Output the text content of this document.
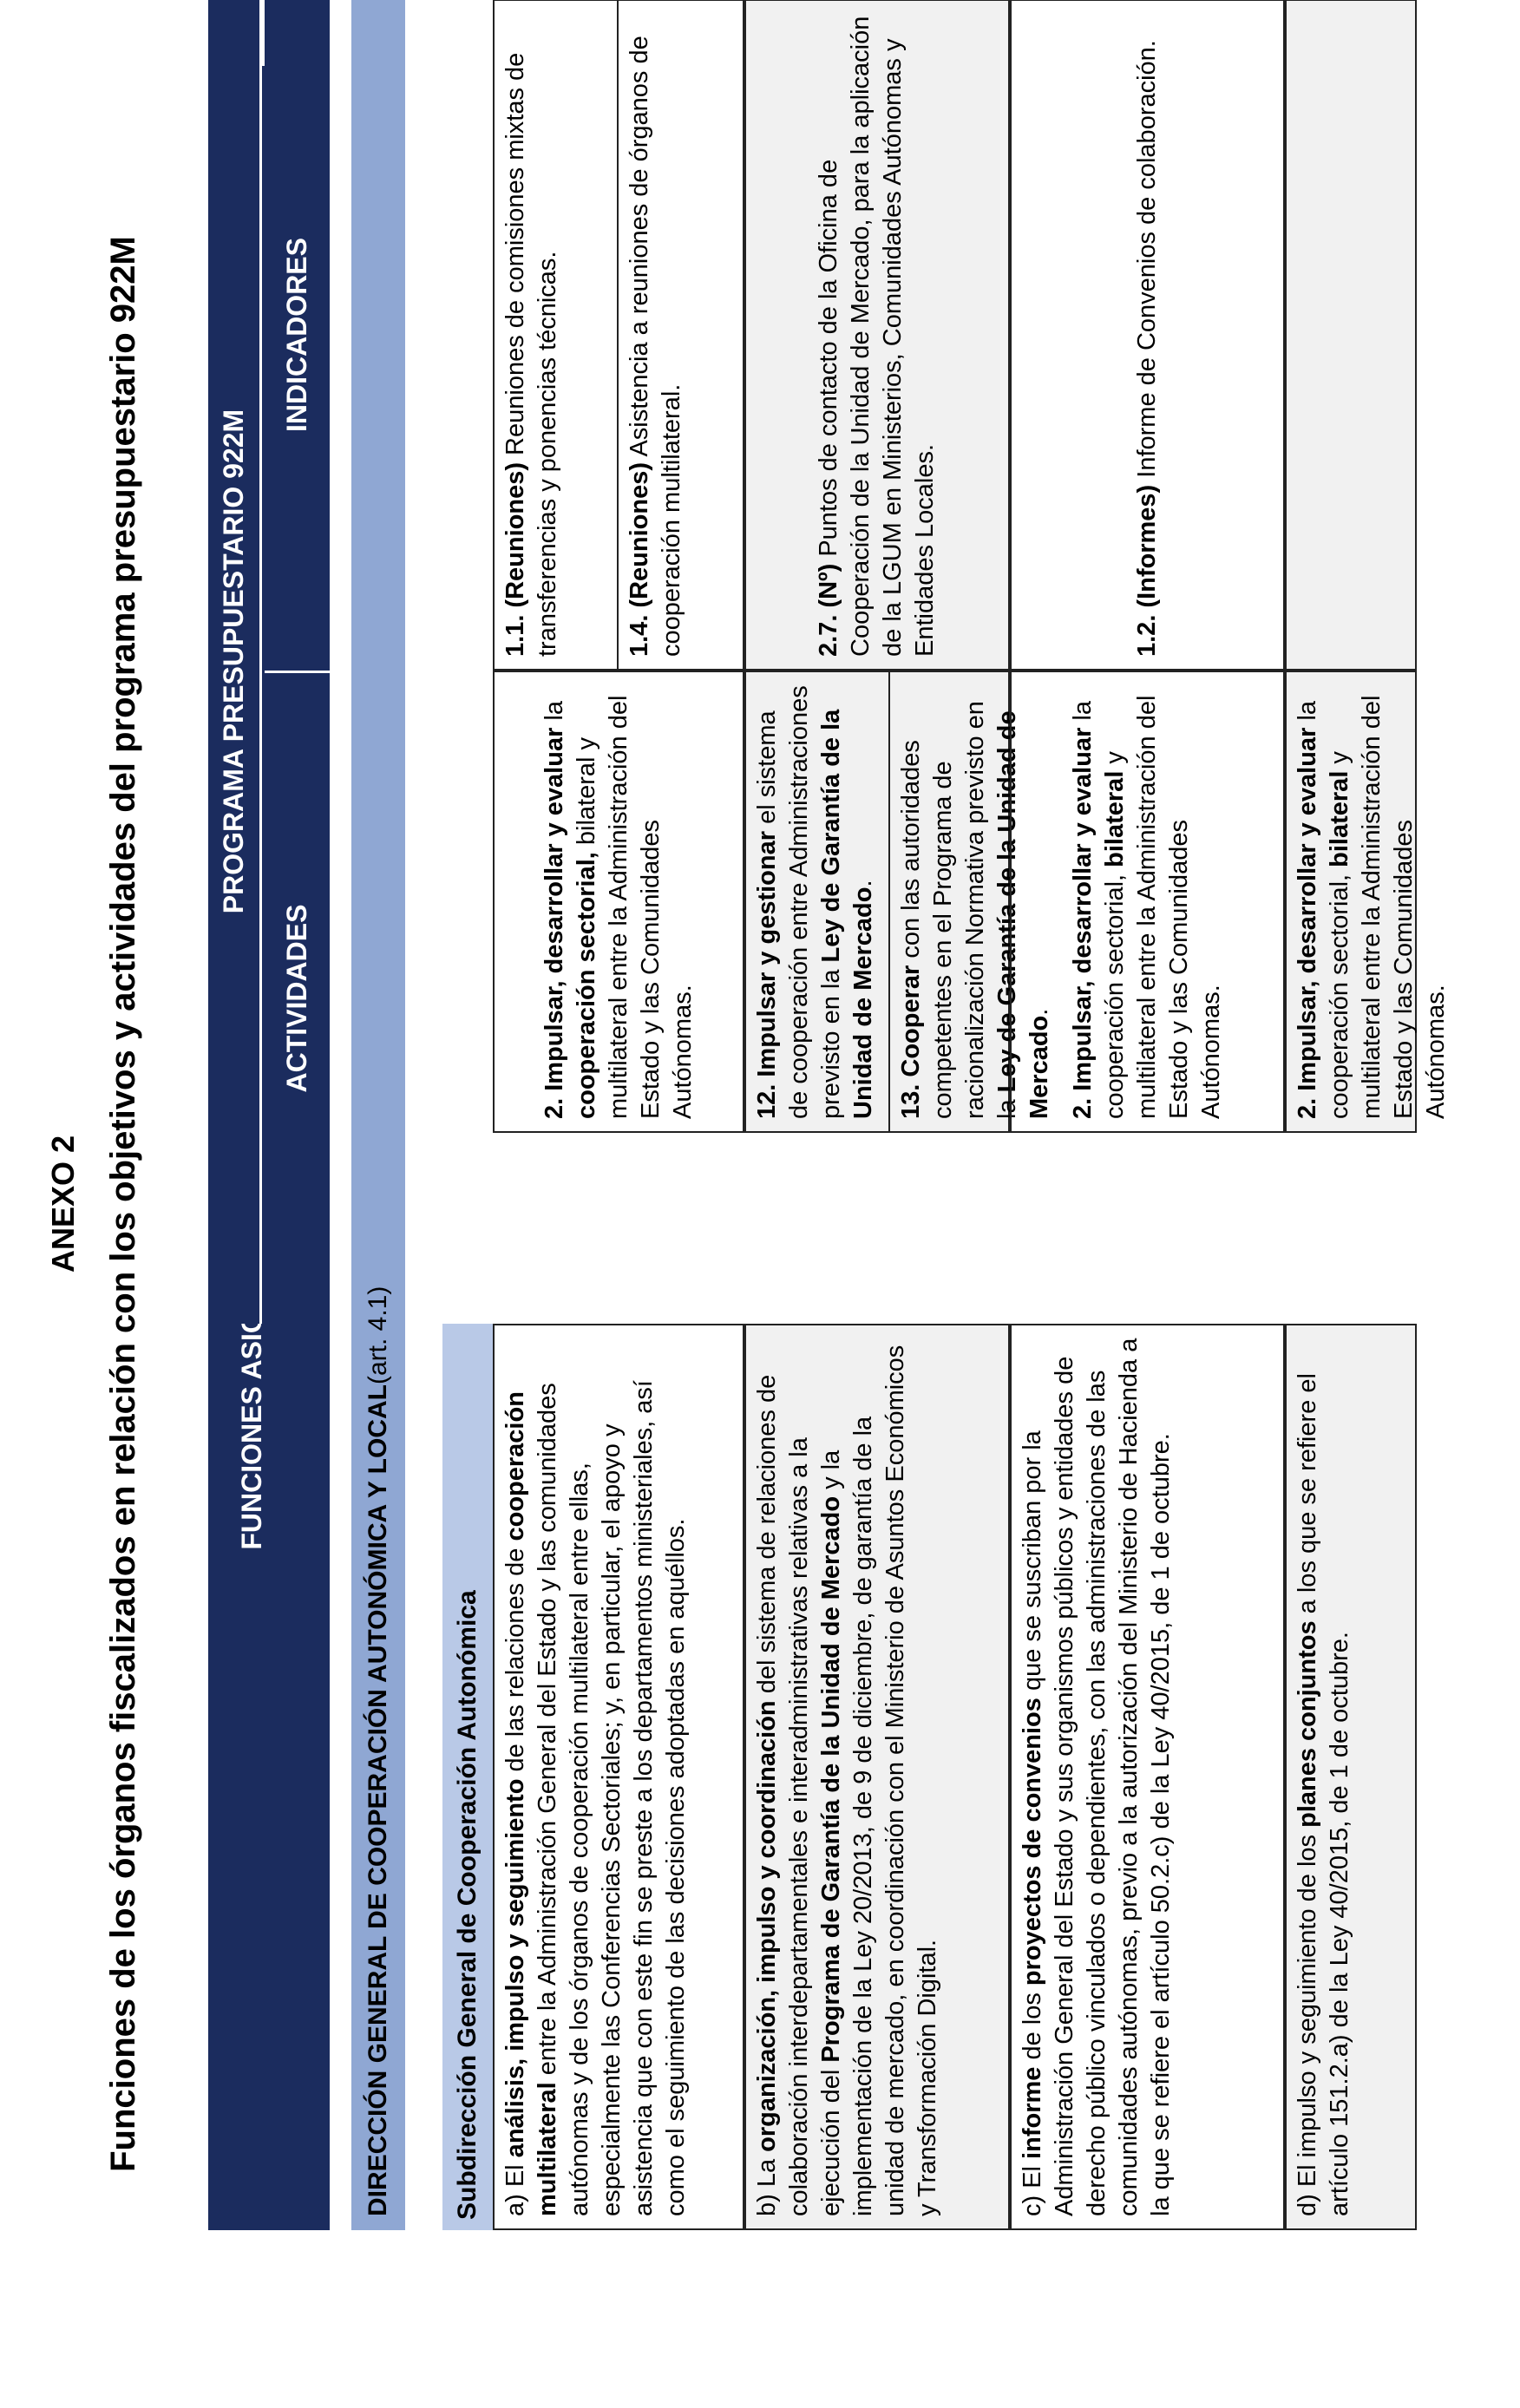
ANEXO 2 Funciones de los órganos fiscalizados en relación con los objetivos y actividades del programa presupuestario 922M	FUNCIONES
PROGRAMA PRESUPUESTARIO 922M
ACTIVIDADES
INDICADORES
DIRECCIÓN GENERAL DE COOPERACIÓN AUTONÓMICA Y LOCAL
(art. 4.1)
Subdirección General de Cooperación Autonómica a) El análisis, impulso y seguimiento de las relaciones de cooperación multilateral entre la Administración General del Estado y las comunidades autónomas y de los órganos de cooperación multilateral entre ellas, especialmente las Conferencias Sectoriales; y, en particular, el apoyo y asistencia que con este fin se preste a los departamentos ministeriales, así como el seguimiento de las decisiones adoptadas en aquéllos.

2. Impulsar, desarrollar y evaluar la cooperación sectorial, bilateral y multilateral entre la Administración del Estado y las Comunidades Autónomas.

1.1. (Reuniones) Reuniones de comisiones mixtas de transferencias y ponencias técnicas.	1.4. (Reuniones) Asistencia a reuniones de órganos de cooperación multilateral.

b) La organización, impulso y coordinación del sistema de relaciones de colaboración interdepartamentales e interadministrativas relativas a la ejecución del Programa de Garantía de la Unidad de Mercado y la implementación de la Ley 20/2013, de 9 de diciembre, de garantía de la unidad de mercado, en coordinación con el Ministerio de Asuntos Económicos y Transformación Digital.

12. Impulsar y gestionar el sistema de cooperación entre Administraciones previsto en la Ley de Garantía de la Unidad de Mercado.

13. Cooperar con las autoridades competentes en el Programa de racionalización Normativa previsto en la Ley de Garantía de la Unidad de Mercado.

2.7. (Nº) Puntos de contacto de la Oficina de Cooperación de la Unidad de Mercado, para la aplicación de la LGUM en Ministerios, Comunidades Autónomas y Entidades Locales.

c) El informe de los proyectos de convenios que se suscriban por la Administración General del Estado y sus organismos públicos y entidades de derecho público vinculados o dependientes, con las administraciones de las comunidades autónomas, previo a la autorización del Ministerio de Hacienda a la que se refiere el artículo 50.2.c) de la Ley 40/2015, de 1 de octubre.

2. Impulsar, desarrollar y evaluar la cooperación sectorial, bilateral y multilateral entre la Administración del Estado y las Comunidades Autónomas.

1.2. (Informes) Informe de Convenios de colaboración.

d) El impulso y seguimiento de los planes conjuntos a los que se refiere el artículo 151.2.a) de la Ley 40/2015, de 1 de octubre.

2. Impulsar, desarrollar y evaluar la cooperación sectorial, bilateral y multilateral entre la Administración del Estado y las Comunidades Autónomas.
